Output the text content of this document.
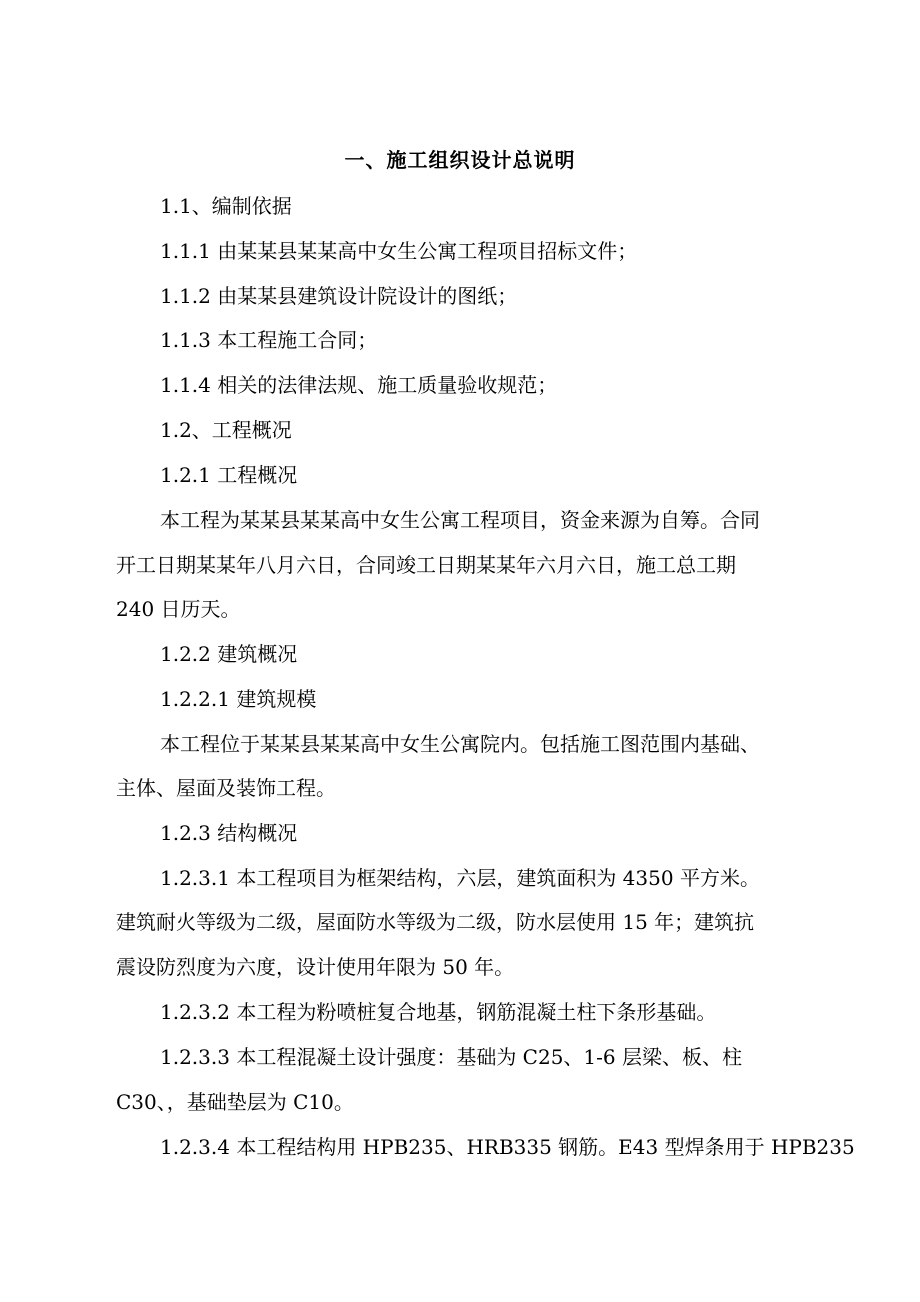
一、施工组织设计总说明
1.1、编制依据
1.1.1 由某某县某某高中女生公寓工程项目招标文件；
1.1.2 由某某县建筑设计院设计的图纸；
1.1.3 本工程施工合同；
1.1.4 相关的法律法规、施工质量验收规范；
1.2、工程概况
1.2.1 工程概况
本工程为某某县某某高中女生公寓工程项目，资金来源为自筹。合同
开工日期某某年八月六日，合同竣工日期某某年六月六日，施工总工期
240 日历天。
1.2.2 建筑概况
1.2.2.1 建筑规模
本工程位于某某县某某高中女生公寓院内。包括施工图范围内基础、
主体、屋面及装饰工程。
1.2.3 结构概况
1.2.3.1 本工程项目为框架结构，六层，建筑面积为 4350 平方米。
建筑耐火等级为二级，屋面防水等级为二级，防水层使用 15 年；建筑抗
震设防烈度为六度，设计使用年限为 50 年。
1.2.3.2 本工程为粉喷桩复合地基，钢筋混凝土柱下条形基础。
1.2.3.3 本工程混凝土设计强度：基础为 C25、1-6 层梁、板、柱
C30、，基础垫层为 C10。
1.2.3.4 本工程结构用 HPB235、HRB335 钢筋。E43 型焊条用于 HPB235
